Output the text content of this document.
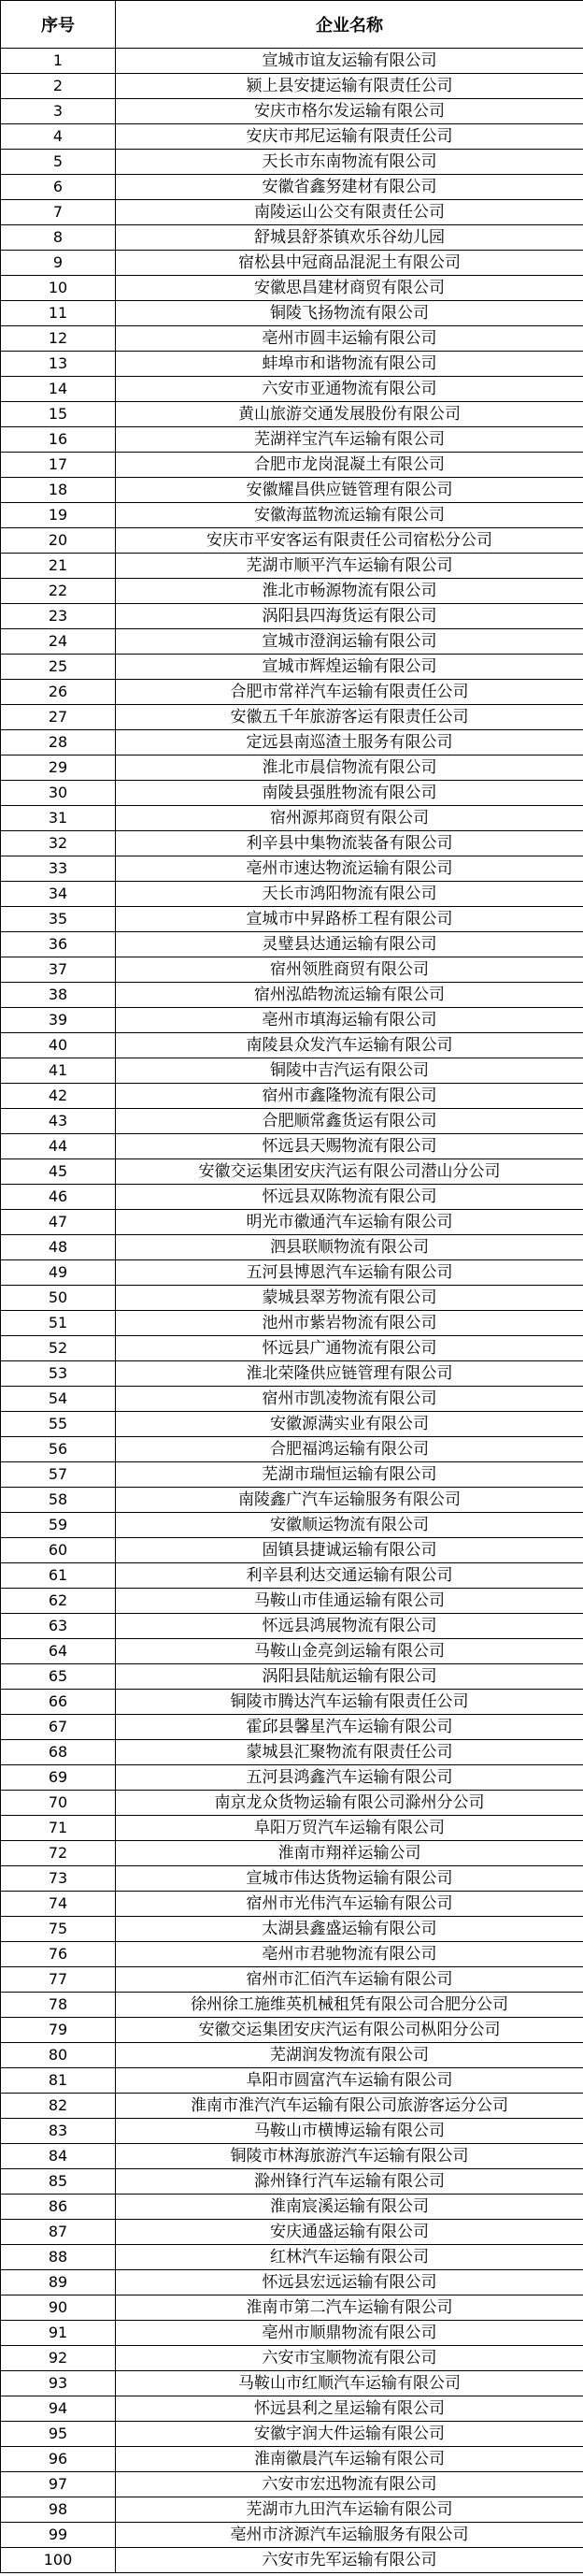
序号	企业名称
1	宣城市谊友运输有限公司
2	颍上县安捷运输有限责任公司
3	安庆市格尔发运输有限公司
4	安庆市邦尼运输有限责任公司
5	天长市东南物流有限公司
6	安徽省鑫努建材有限公司
7	南陵运山公交有限责任公司
8	舒城县舒茶镇欢乐谷幼儿园
9	宿松县中冠商品混泥土有限公司
10	安徽思昌建材商贸有限公司
11	铜陵飞扬物流有限公司
12	亳州市圆丰运输有限公司
13	蚌埠市和谐物流有限公司
14	六安市亚通物流有限公司
15	黄山旅游交通发展股份有限公司
16	芜湖祥宝汽车运输有限公司
17	合肥市龙岗混凝土有限公司
18	安徽耀昌供应链管理有限公司
19	安徽海蓝物流运输有限公司
20	安庆市平安客运有限责任公司宿松分公司
21	芜湖市顺平汽车运输有限公司
22	淮北市畅源物流有限公司
23	涡阳县四海货运有限公司
24	宣城市澄润运输有限公司
25	宣城市辉煌运输有限公司
26	合肥市常祥汽车运输有限责任公司
27	安徽五千年旅游客运有限责任公司
28	定远县南巡渣土服务有限公司
29	淮北市晨信物流有限公司
30	南陵县强胜物流有限公司
31	宿州源邦商贸有限公司
32	利辛县中集物流装备有限公司
33	亳州市速达物流运输有限公司
34	天长市鸿阳物流有限公司
35	宣城市中昇路桥工程有限公司
36	灵璧县达通运输有限公司
37	宿州领胜商贸有限公司
38	宿州泓皓物流运输有限公司
39	亳州市填海运输有限公司
40	南陵县众发汽车运输有限公司
41	铜陵中吉汽运有限公司
42	宿州市鑫隆物流有限公司
43	合肥顺常鑫货运有限公司
44	怀远县天赐物流有限公司
45	安徽交运集团安庆汽运有限公司潜山分公司
46	怀远县双陈物流有限公司
47	明光市徽通汽车运输有限公司
48	泗县联顺物流有限公司
49	五河县博恩汽车运输有限公司
50	蒙城县翠芳物流有限公司
51	池州市紫岩物流有限公司
52	怀远县广通物流有限公司
53	淮北荣隆供应链管理有限公司
54	宿州市凯凌物流有限公司
55	安徽源满实业有限公司
56	合肥福鸿运输有限公司
57	芜湖市瑞恒运输有限公司
58	南陵鑫广汽车运输服务有限公司
59	安徽顺运物流有限公司
60	固镇县捷诚运输有限公司
61	利辛县利达交通运输有限公司
62	马鞍山市佳通运输有限公司
63	怀远县鸿展物流有限公司
64	马鞍山金亮剑运输有限公司
65	涡阳县陆航运输有限公司
66	铜陵市腾达汽车运输有限责任公司
67	霍邱县馨星汽车运输有限公司
68	蒙城县汇聚物流有限责任公司
69	五河县鸿鑫汽车运输有限公司
70	南京龙众货物运输有限公司滁州分公司
71	阜阳万贸汽车运输有限公司
72	淮南市翔祥运输公司
73	宣城市伟达货物运输有限公司
74	宿州市光伟汽车运输有限公司
75	太湖县鑫盛运输有限公司
76	亳州市君驰物流有限公司
77	宿州市汇佰汽车运输有限公司
78	徐州徐工施维英机械租凭有限公司合肥分公司
79	安徽交运集团安庆汽运有限公司枞阳分公司
80	芜湖润发物流有限公司
81	阜阳市圆富汽车运输有限公司
82	淮南市淮汽汽车运输有限公司旅游客运分公司
83	马鞍山市横博运输有限公司
84	铜陵市林海旅游汽车运输有限公司
85	滁州锋行汽车运输有限公司
86	淮南宸溪运输有限公司
87	安庆通盛运输有限公司
88	红林汽车运输有限公司
89	怀远县宏远运输有限公司
90	淮南市第二汽车运输有限公司
91	亳州市顺鼎物流有限公司
92	六安市宝顺物流有限公司
93	马鞍山市红顺汽车运输有限公司
94	怀远县利之星运输有限公司
95	安徽宇润大件运输有限公司
96	淮南徽晨汽车运输有限公司
97	六安市宏迅物流有限公司
98	芜湖市九田汽车运输有限公司
99	亳州市济源汽车运输服务有限公司
100	六安市先军运输有限公司
